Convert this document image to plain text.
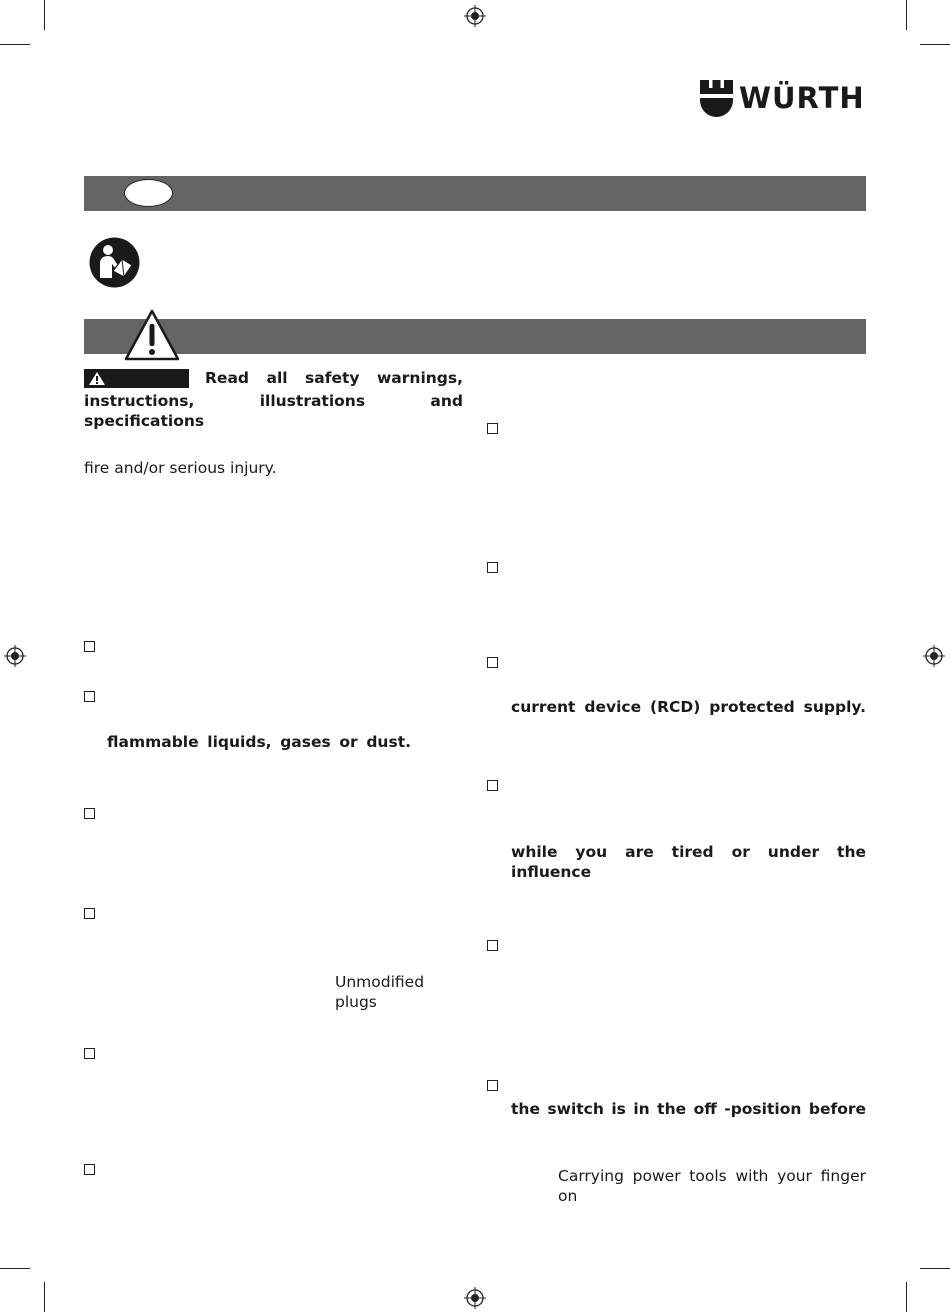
WÜRTH
Read all safety warnings,
instructions, illustrations and specifications
fire and/or serious injury.
flammable liquids, gases or dust.
Unmodified plugs
current device (RCD) protected supply.
while you are tired or under the influence
the switch is in the off -position before
Carrying power tools with your finger on
